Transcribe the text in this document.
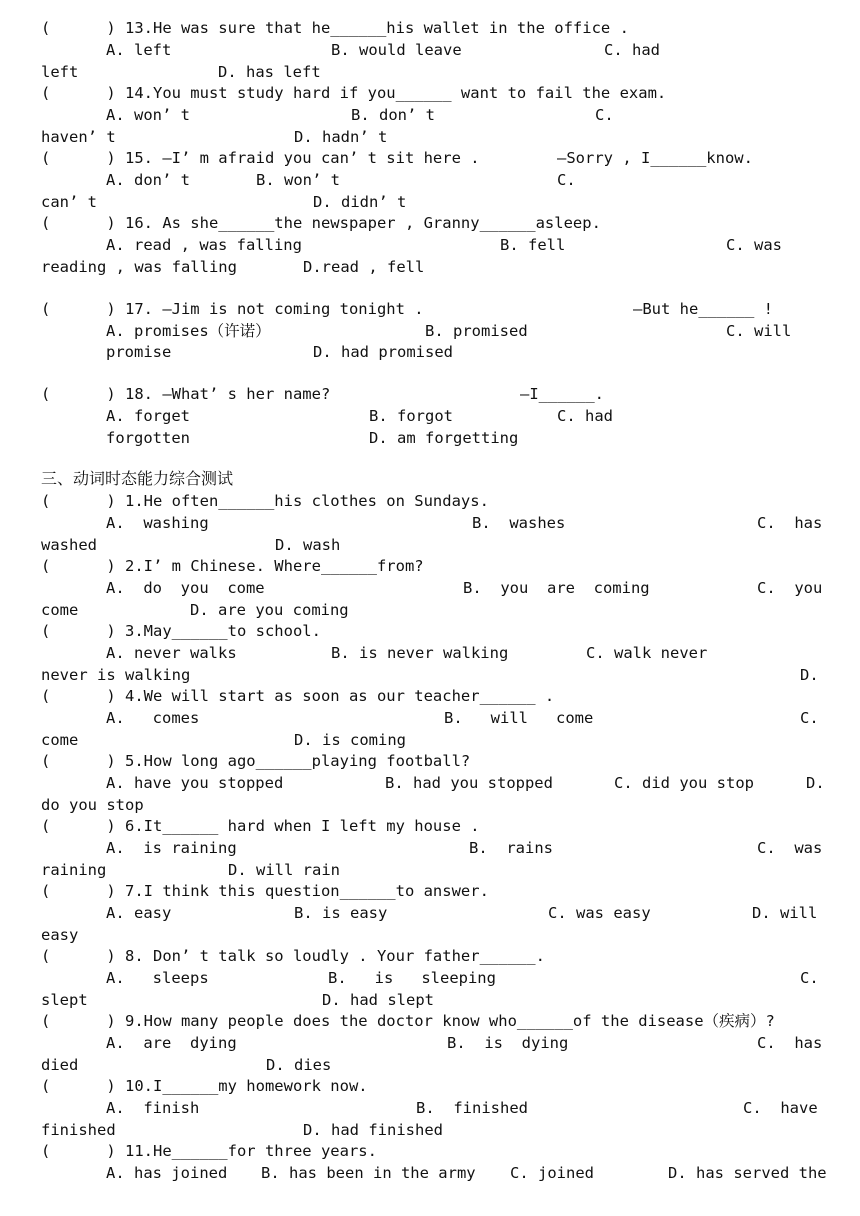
(      ) 13.He was sure that he______his wallet in the office .
A. left	B. would leave	C. had
left	D. has left
(      ) 14.You must study hard if you______ want to fail the exam.
A. won’ t	B. don’ t	C.
haven’ t	D. hadn’ t
(      ) 15. —I’ m afraid you can’ t sit here .	—Sorry , I______know.
A. don’ t	B. won’ t	C.
can’ t	D. didn’ t
(      ) 16. As she______the newspaper , Granny______asleep.
A. read , was falling	B. fell	C. was
reading , was falling	D.read , fell
(      ) 17. —Jim is not coming tonight .	—But he______ !
A. promises（许诺）	B. promised	C. will
promise	D. had promised
(      ) 18. —What’ s her name?	—I______.
A. forget	B. forgot	C. had
forgotten	D. am forgetting
(      ) 1.He often______his clothes on Sundays.
A.  washing	B.  washes	C.  has
washed	D. wash
(      ) 2.I’ m Chinese. Where______from?
A.  do  you  come	B.  you  are  coming	C.  you
come	D. are you coming
(      ) 3.May______to school.
A. never walks	B. is never walking	C. walk never
never is walking	D.
(      ) 4.We will start as soon as our teacher______ .
A.   comes	B.   will   come	C.
come	D. is coming
(      ) 5.How long ago______playing football?
A. have you stopped	B. had you stopped	C. did you stop	D.
do you stop
(      ) 6.It______ hard when I left my house .
A.  is raining	B.  rains	C.  was
raining	D. will rain
(      ) 7.I think this question______to answer.
A. easy	B. is easy	C. was easy	D. will
easy
(      ) 8. Don’ t talk so loudly . Your father______.
A.   sleeps	B.   is   sleeping	C.
slept	D. had slept
(      ) 9.How many people does the doctor know who______of the disease（疾病）?
A.  are  dying	B.  is  dying	C.  has
died	D. dies
(      ) 10.I______my homework now.
A.  finish	B.  finished	C.  have
finished	D. had finished
(      ) 11.He______for three years.
A. has joined B. has been in the army C. joined	D. has served the
三、动词时态能力综合测试
